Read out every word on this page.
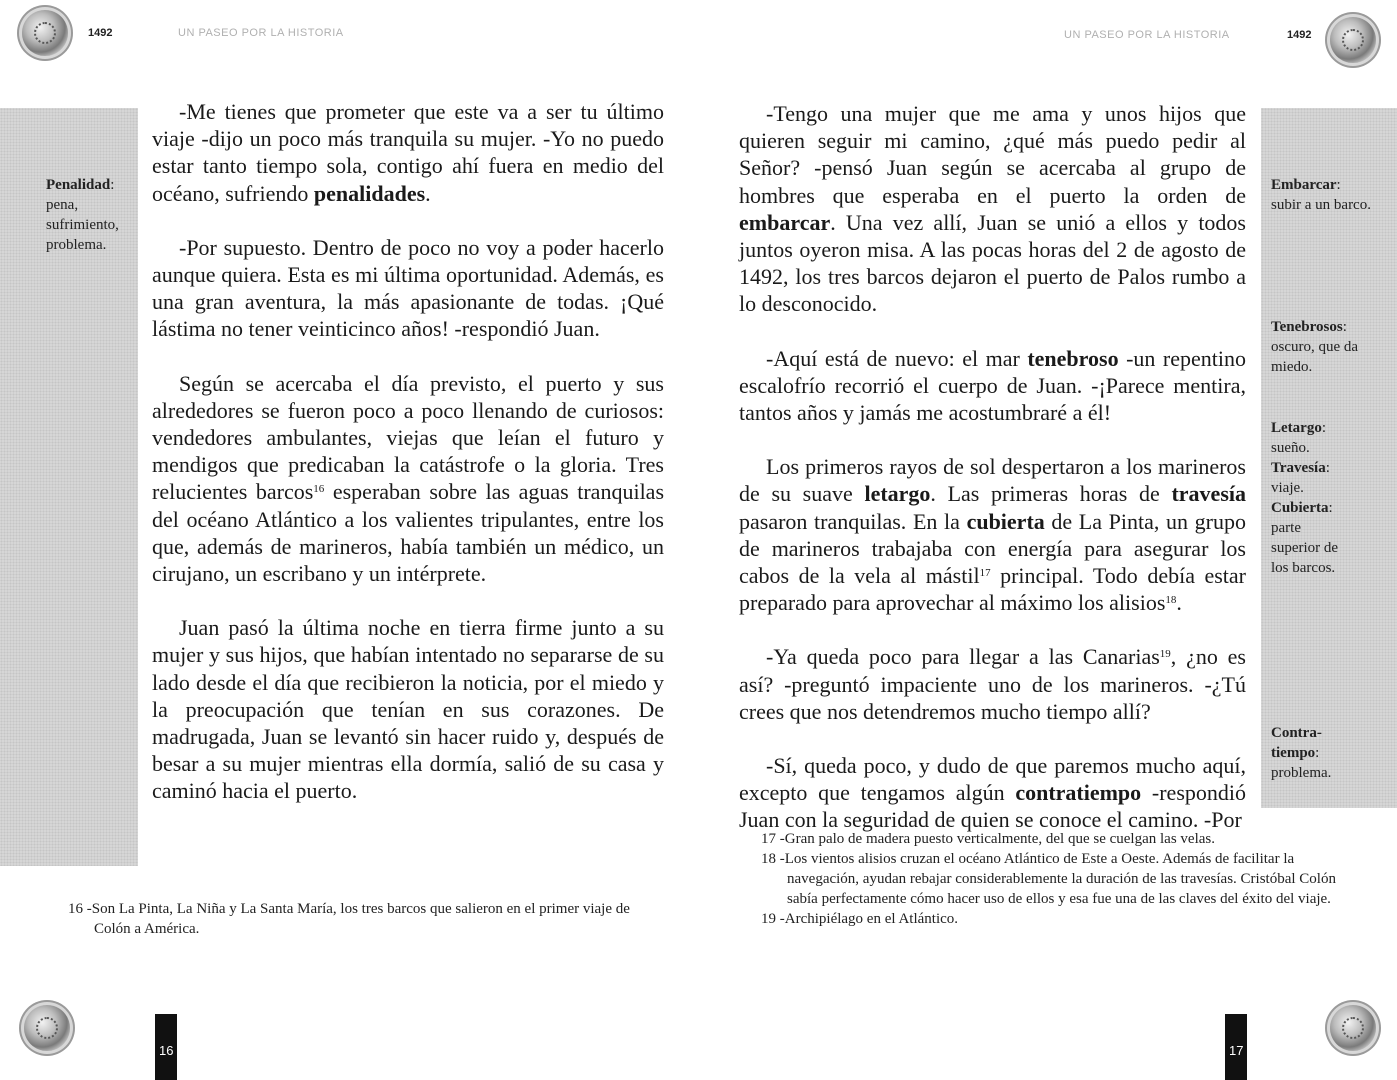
1492	UN PASEO POR LA HISTORIA	UN PASEO POR LA HISTORIA	1492
Penalidad:
pena, sufrimiento, problema.

-Me tienes que prometer que este va a ser tu último viaje -dijo un poco más tranquila su mujer. -Yo no puedo estar tanto tiempo sola, contigo ahí fuera en medio del océano, sufriendo penalidades.

-Por supuesto. Dentro de poco no voy a poder hacerlo aunque quiera. Esta es mi última oportunidad. Además, es una gran aventura, la más apasionante de todas. ¡Qué lástima no tener veinticinco años! -respondió Juan.

Según se acercaba el día previsto, el puerto y sus alrededores se fueron poco a poco llenando de curiosos: vendedores ambulantes, viejas que leían el futuro y mendigos que predicaban la catástrofe o la gloria. Tres relucientes barcos$^{16}$ esperaban sobre las aguas tranquilas del océano Atlántico a los valientes tripulantes, entre los que, además de marineros, había también un médico, un cirujano, un escribano y un intérprete.

Juan pasó la última noche en tierra firme junto a su mujer y sus hijos, que habían intentado no separarse de su lado desde el día que recibieron la noticia, por el miedo y la preocupación que tenían en sus corazones. De madrugada, Juan se levantó sin hacer ruido y, después de besar a su mujer mientras ella dormía, salió de su casa y caminó hacia el puerto.

16 -Son La Pinta, La Niña y La Santa María, los tres barcos que salieron en el primer viaje de Colón a América.
16
Embarcar:
subir a un barco.
Tenebrosos:
oscuro, que da miedo.
Letargo:
sueño.
Travesía:
viaje.
Cubierta:
parte superior de los barcos.
Contra-tiempo:
problema.

-Tengo una mujer que me ama y unos hijos que quieren seguir mi camino, ¿qué más puedo pedir al Señor? -pensó Juan según se acercaba al grupo de hombres que esperaba en el puerto la orden de embarcar. Una vez allí, Juan se unió a ellos y todos juntos oyeron misa. A las pocas horas del 2 de agosto de 1492, los tres barcos dejaron el puerto de Palos rumbo a lo desconocido.

-Aquí está de nuevo: el mar tenebroso -un repentino escalofrío recorrió el cuerpo de Juan. -¡Parece mentira, tantos años y jamás me acostumbraré a él!

Los primeros rayos de sol despertaron a los marineros de su suave letargo. Las primeras horas de travesía pasaron tranquilas. En la cubierta de La Pinta, un grupo de marineros trabajaba con energía para asegurar los cabos de la vela al mástil$^{17}$ principal. Todo debía estar preparado para aprovechar al máximo los alisios$^{18}$.

-Ya queda poco para llegar a las Canarias$^{19}$, ¿no es así? -preguntó impaciente uno de los marineros. -¿Tú crees que nos detendremos mucho tiempo allí?

-Sí, queda poco, y dudo de que paremos mucho aquí, excepto que tengamos algún contratiempo -respondió Juan con la seguridad de quien se conoce el camino. -Por

17 -Gran palo de madera puesto verticalmente, del que se cuelgan las velas.
18 -Los vientos alisios cruzan el océano Atlántico de Este a Oeste. Además de facilitar la navegación, ayudan rebajar considerablemente la duración de las travesías. Cristóbal Colón sabía perfectamente cómo hacer uso de ellos y esa fue una de las claves del éxito del viaje.
19 -Archipiélago en el Atlántico.
17
